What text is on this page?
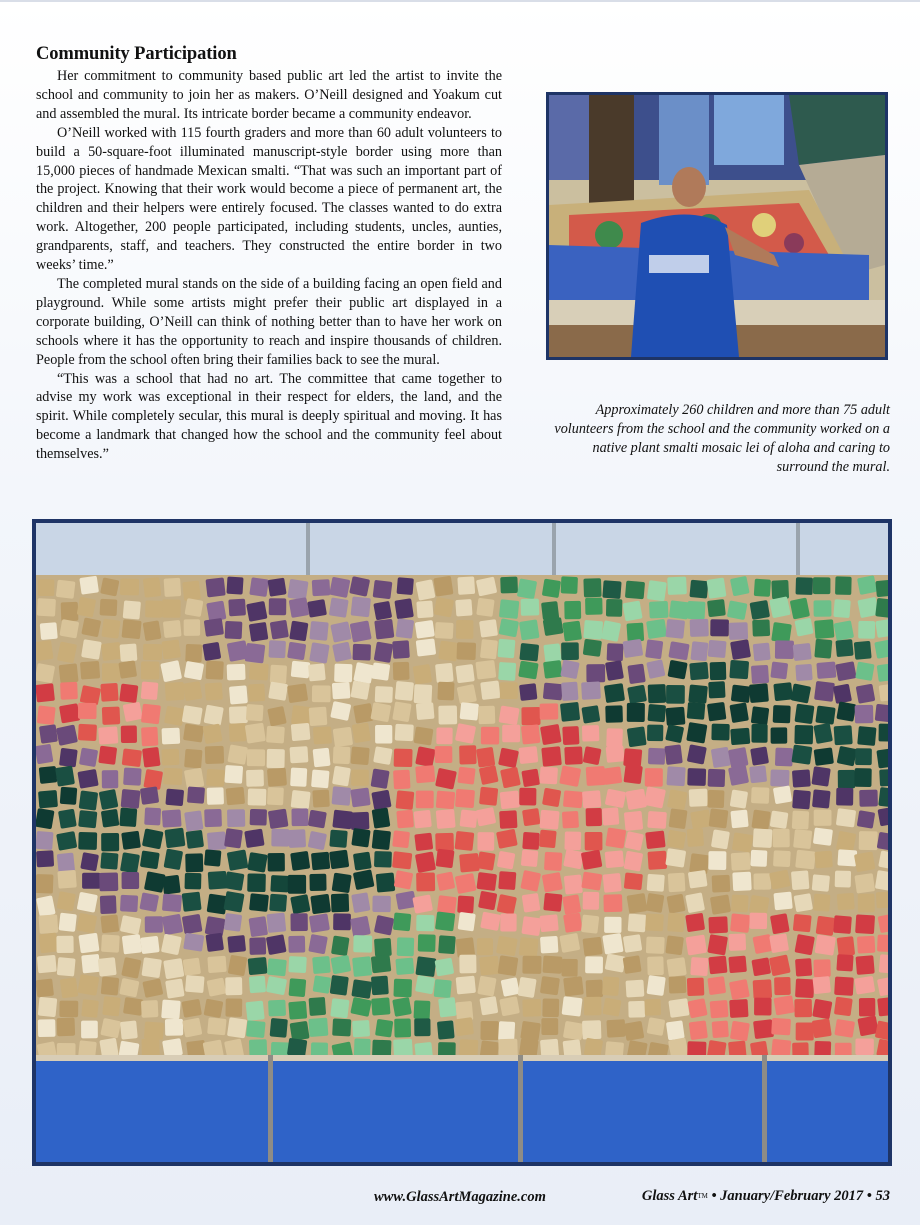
Community Participation

Her commitment to community based public art led the artist to invite the school and community to join her as makers. O’Neill designed and Yoakum cut and assembled the mural. Its intricate border became a community endeavor.

O’Neill worked with 115 fourth graders and more than 60 adult volunteers to build a 50-square-foot illuminated manuscript-style border using more than 15,000 pieces of handmade Mexican smalti. “That was such an important part of the project. Knowing that their work would become a piece of permanent art, the children and their helpers were entirely focused. The classes wanted to do extra work. Altogether, 200 people participated, including students, uncles, aunties, grandparents, staff, and teachers. They constructed the entire border in two weeks’ time.”

The completed mural stands on the side of a building facing an open field and playground. While some artists might prefer their public art displayed in a corporate building, O’Neill can think of nothing better than to have her work on schools where it has the opportunity to reach and inspire thousands of children. People from the school often bring their families back to see the mural.

“This was a school that had no art. The committee that came together to advise my work was exceptional in their respect for elders, the land, and the spirit. While completely secular, this mural is deeply spiritual and moving. It has become a landmark that changed how the school and the community feel about themselves.”

Approximately 260 children and more than 75 adult volunteers from the school and the community worked on a native plant smalti mosaic lei of aloha and caring to surround the mural.
www.GlassArtMagazine.com	Glass ArtTM • January/February 2017 • 53
